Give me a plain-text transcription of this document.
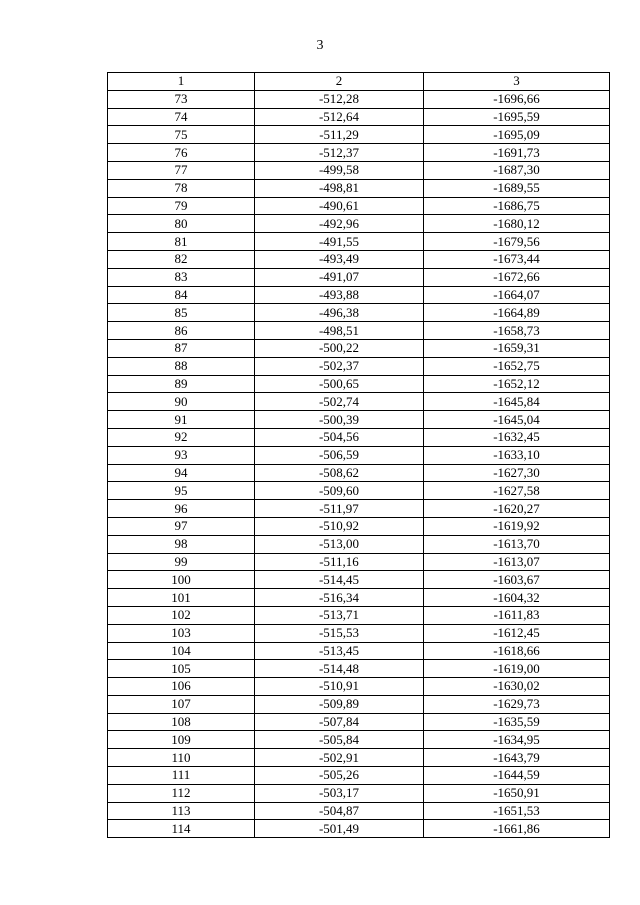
3
1	2	3
73	-512,28	-1696,66
74	-512,64	-1695,59
75	-511,29	-1695,09
76	-512,37	-1691,73
77	-499,58	-1687,30
78	-498,81	-1689,55
79	-490,61	-1686,75
80	-492,96	-1680,12
81	-491,55	-1679,56
82	-493,49	-1673,44
83	-491,07	-1672,66
84	-493,88	-1664,07
85	-496,38	-1664,89
86	-498,51	-1658,73
87	-500,22	-1659,31
88	-502,37	-1652,75
89	-500,65	-1652,12
90	-502,74	-1645,84
91	-500,39	-1645,04
92	-504,56	-1632,45
93	-506,59	-1633,10
94	-508,62	-1627,30
95	-509,60	-1627,58
96	-511,97	-1620,27
97	-510,92	-1619,92
98	-513,00	-1613,70
99	-511,16	-1613,07
100	-514,45	-1603,67
101	-516,34	-1604,32
102	-513,71	-1611,83
103	-515,53	-1612,45
104	-513,45	-1618,66
105	-514,48	-1619,00
106	-510,91	-1630,02
107	-509,89	-1629,73
108	-507,84	-1635,59
109	-505,84	-1634,95
110	-502,91	-1643,79
111	-505,26	-1644,59
112	-503,17	-1650,91
113	-504,87	-1651,53
114	-501,49	-1661,86
